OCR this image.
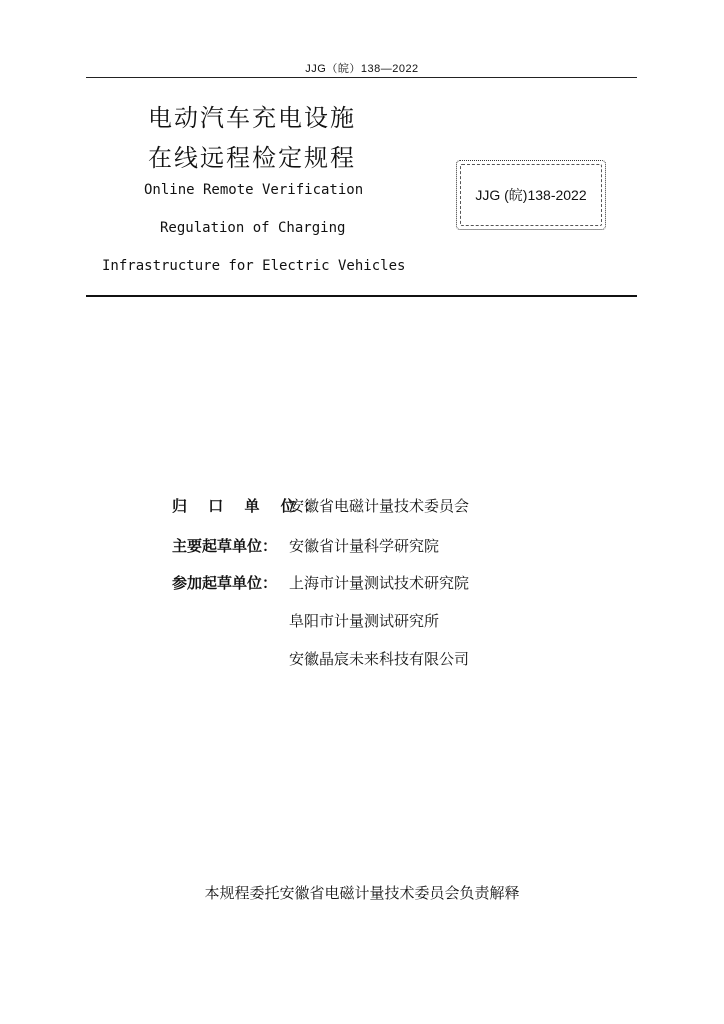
JJG（皖）138—2022
电动汽车充电设施
在线远程检定规程
Online Remote Verification
Regulation of Charging
Infrastructure for Electric Vehicles
JJG (皖)138-2022
归 口 单 位：
安徽省电磁计量技术委员会
主要起草单位： 安徽省计量科学研究院
参加起草单位： 上海市计量测试技术研究院
阜阳市计量测试研究所
安徽晶宸未来科技有限公司
本规程委托安徽省电磁计量技术委员会负责解释
